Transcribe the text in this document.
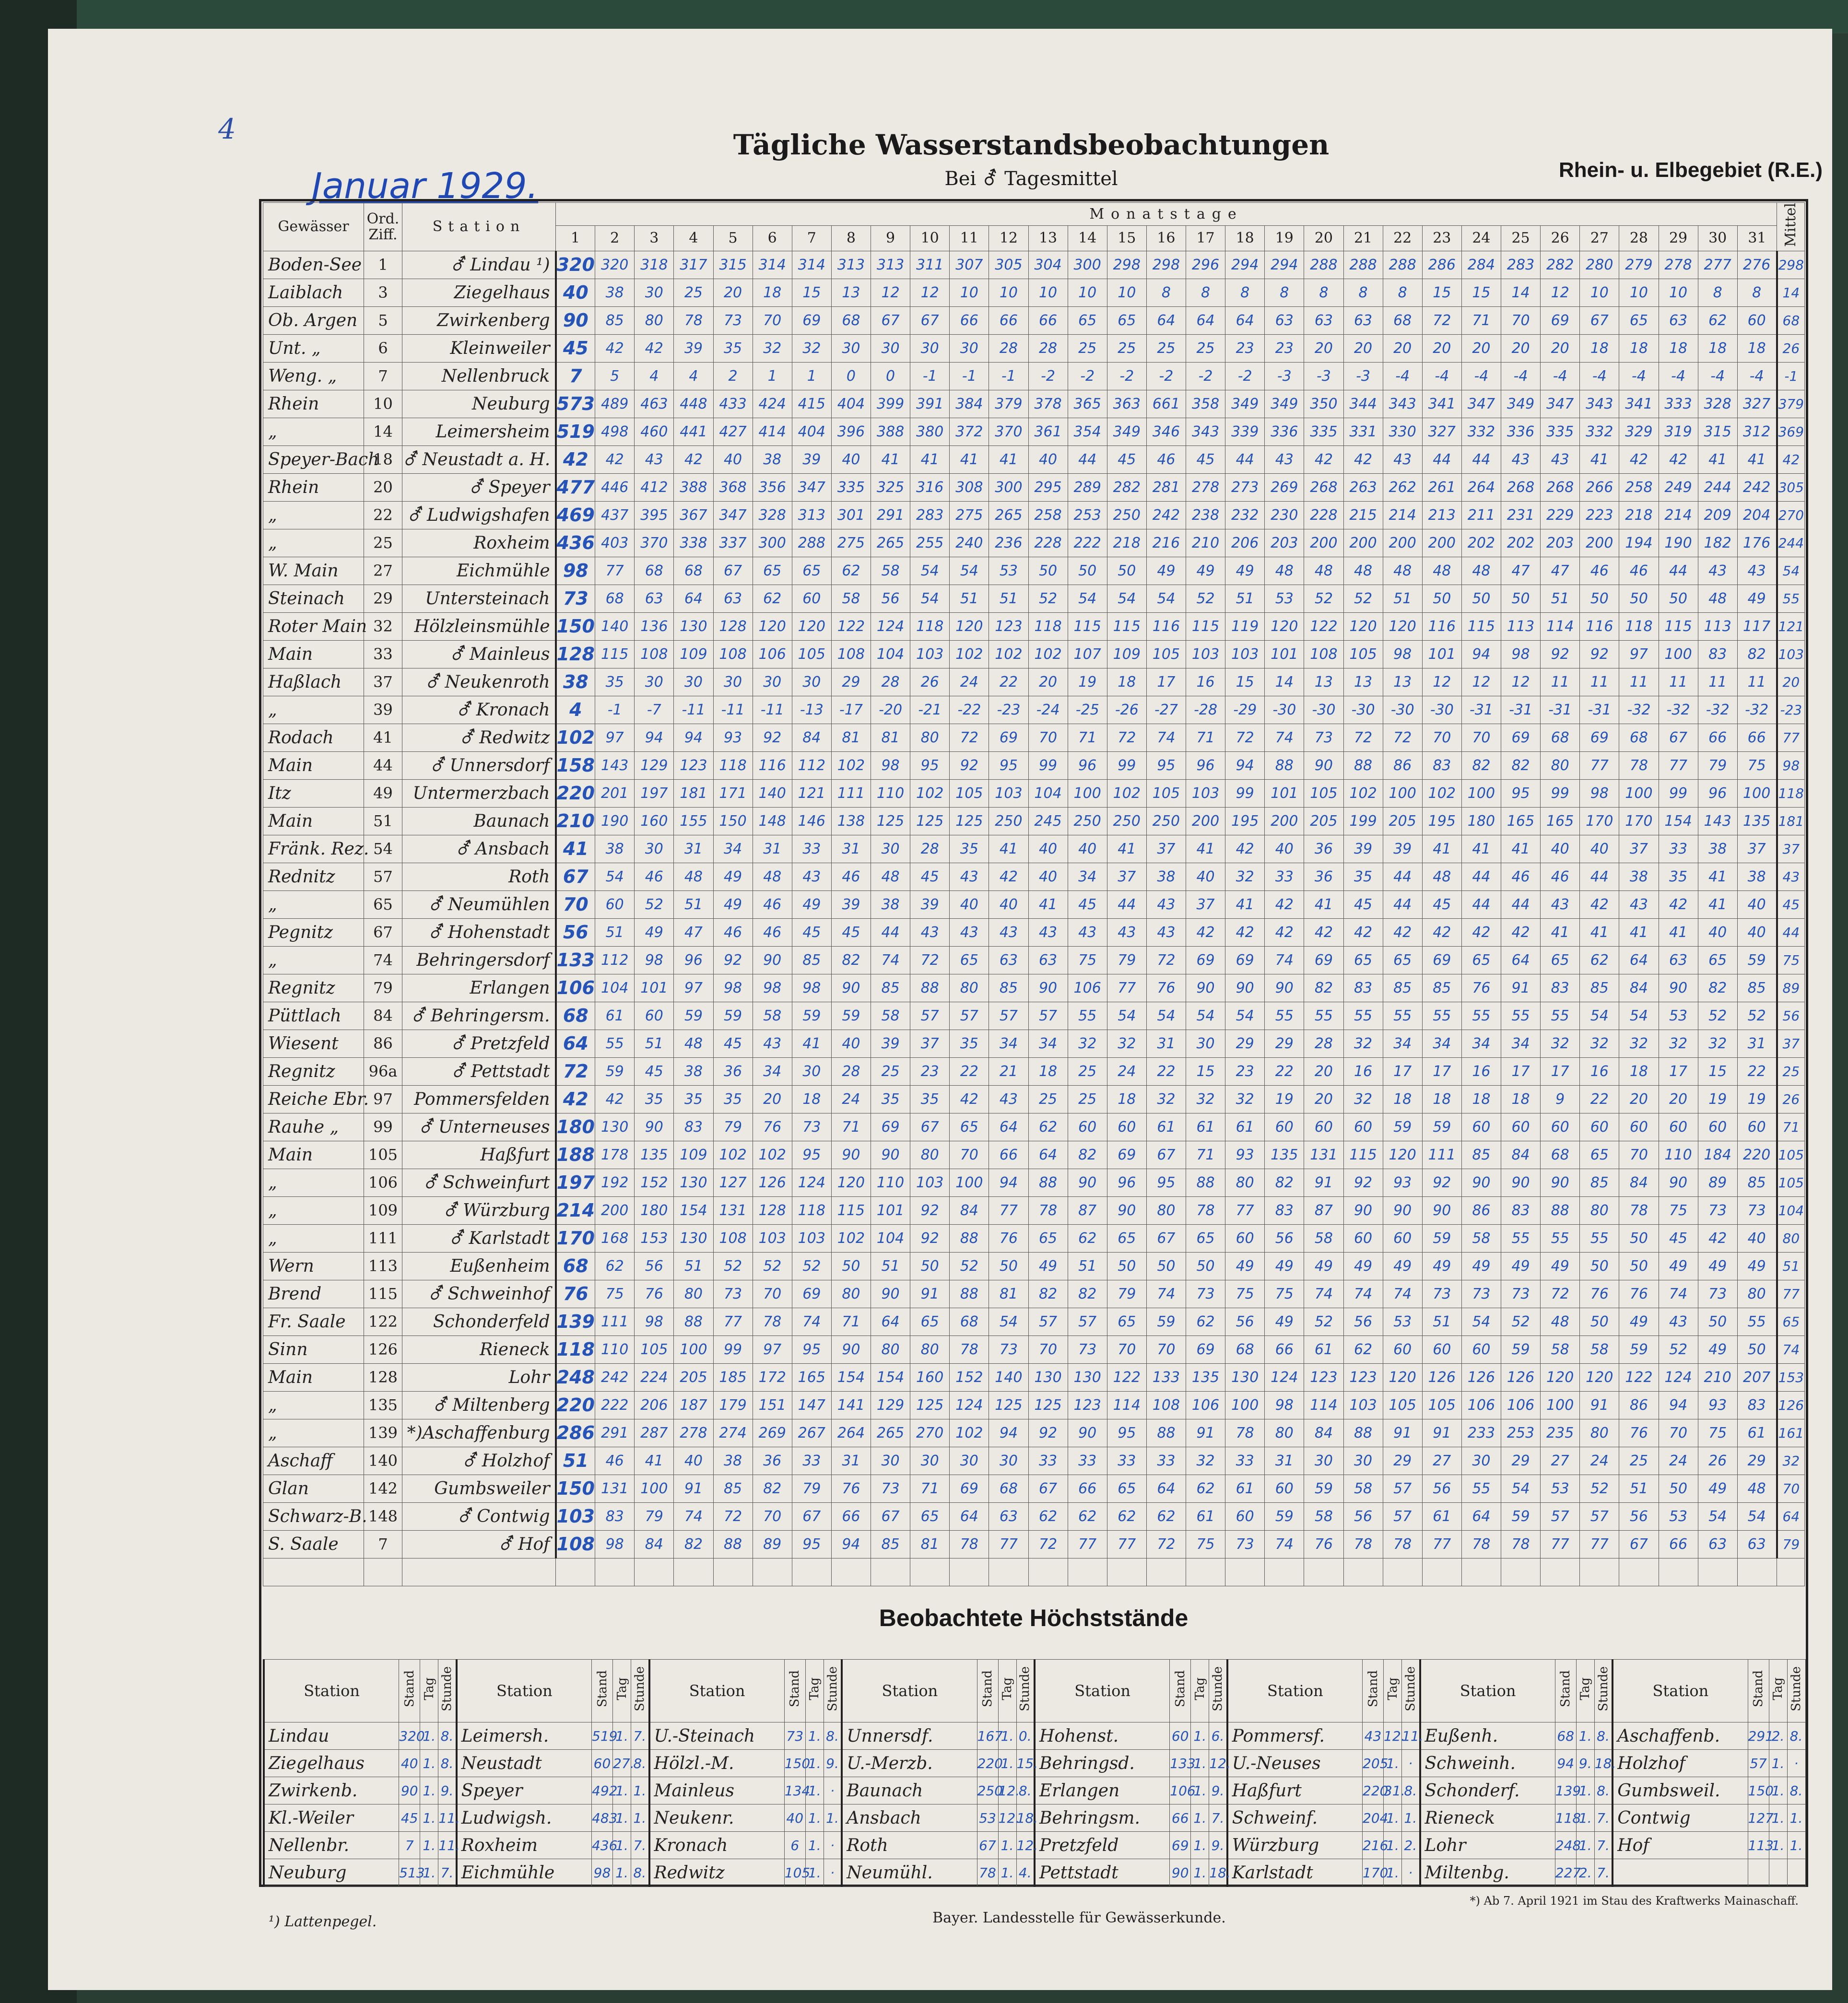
4
Januar 1929.
Tägliche Wasserstandsbeobachtungen
Bei ⚦ Tagesmittel	Rhein- u. Elbegebiet (R.E.)
Gewässer	Ord. Ziff.	Station	Monatstage																															Mittel
			1	2	3	4	5	6	7	8	9	10	11	12	13	14	15	16	17	18	19	20	21	22	23	24	25	26	27	28	29	30	31	
Boden-See	1	⚦ Lindau ¹)	320	320	318	317	315	314	314	313	313	311	307	305	304	300	298	298	296	294	294	288	288	288	286	284	283	282	280	279	278	277	276	298
Laiblach	3	Ziegelhaus	40	38	30	25	20	18	15	13	12	12	10	10	10	10	10	8	8	8	8	8	8	8	15	15	14	12	10	10	10	8	8	14
Ob. Argen	5	Zwirkenberg	90	85	80	78	73	70	69	68	67	67	66	66	66	65	65	64	64	64	63	63	63	68	72	71	70	69	67	65	63	62	60	68
Unt. „	6	Kleinweiler	45	42	42	39	35	32	32	30	30	30	30	28	28	25	25	25	25	23	23	20	20	20	20	20	20	20	18	18	18	18	18	26
Weng. „	7	Nellenbruck	7	5	4	4	2	1	1	0	0	-1	-1	-1	-2	-2	-2	-2	-2	-2	-3	-3	-3	-4	-4	-4	-4	-4	-4	-4	-4	-4	-4	-1
Rhein	10	Neuburg	573	489	463	448	433	424	415	404	399	391	384	379	378	365	363	661	358	349	349	350	344	343	341	347	349	347	343	341	333	328	327	379
„	14	Leimersheim	519	498	460	441	427	414	404	396	388	380	372	370	361	354	349	346	343	339	336	335	331	330	327	332	336	335	332	329	319	315	312	369
Speyer-Bach	18	⚦ Neustadt a. H.	42	42	43	42	40	38	39	40	41	41	41	41	40	44	45	46	45	44	43	42	42	43	44	44	43	43	41	42	42	41	41	42
Rhein	20	⚦ Speyer	477	446	412	388	368	356	347	335	325	316	308	300	295	289	282	281	278	273	269	268	263	262	261	264	268	268	266	258	249	244	242	305
„	22	⚦ Ludwigshafen	469	437	395	367	347	328	313	301	291	283	275	265	258	253	250	242	238	232	230	228	215	214	213	211	231	229	223	218	214	209	204	270
„	25	Roxheim	436	403	370	338	337	300	288	275	265	255	240	236	228	222	218	216	210	206	203	200	200	200	200	202	202	203	200	194	190	182	176	244
W. Main	27	Eichmühle	98	77	68	68	67	65	65	62	58	54	54	53	50	50	50	49	49	49	48	48	48	48	48	48	47	47	46	46	44	43	43	54
Steinach	29	Untersteinach	73	68	63	64	63	62	60	58	56	54	51	51	52	54	54	54	52	51	53	52	52	51	50	50	50	51	50	50	50	48	49	55
Roter Main	32	Hölzleinsmühle	150	140	136	130	128	120	120	122	124	118	120	123	118	115	115	116	115	119	120	122	120	120	116	115	113	114	116	118	115	113	117	121
Main	33	⚦ Mainleus	128	115	108	109	108	106	105	108	104	103	102	102	102	107	109	105	103	103	101	108	105	98	101	94	98	92	92	97	100	83	82	103
Haßlach	37	⚦ Neukenroth	38	35	30	30	30	30	30	29	28	26	24	22	20	19	18	17	16	15	14	13	13	13	12	12	12	11	11	11	11	11	11	20
„	39	⚦ Kronach	4	-1	-7	-11	-11	-11	-13	-17	-20	-21	-22	-23	-24	-25	-26	-27	-28	-29	-30	-30	-30	-30	-30	-31	-31	-31	-31	-32	-32	-32	-32	-23
Rodach	41	⚦ Redwitz	102	97	94	94	93	92	84	81	81	80	72	69	70	71	72	74	71	72	74	73	72	72	70	70	69	68	69	68	67	66	66	77
Main	44	⚦ Unnersdorf	158	143	129	123	118	116	112	102	98	95	92	95	99	96	99	95	96	94	88	90	88	86	83	82	82	80	77	78	77	79	75	98
Itz	49	Untermerzbach	220	201	197	181	171	140	121	111	110	102	105	103	104	100	102	105	103	99	101	105	102	100	102	100	95	99	98	100	99	96	100	118
Main	51	Baunach	210	190	160	155	150	148	146	138	125	125	125	250	245	250	250	250	200	195	200	205	199	205	195	180	165	165	170	170	154	143	135	181
Fränk. Rez.	54	⚦ Ansbach	41	38	30	31	34	31	33	31	30	28	35	41	40	40	41	37	41	42	40	36	39	39	41	41	41	40	40	37	33	38	37	37
Rednitz	57	Roth	67	54	46	48	49	48	43	46	48	45	43	42	40	34	37	38	40	32	33	36	35	44	48	44	46	46	44	38	35	41	38	43
„	65	⚦ Neumühlen	70	60	52	51	49	46	49	39	38	39	40	40	41	45	44	43	37	41	42	41	45	44	45	44	44	43	42	43	42	41	40	45
Pegnitz	67	⚦ Hohenstadt	56	51	49	47	46	46	45	45	44	43	43	43	43	43	43	43	42	42	42	42	42	42	42	42	42	41	41	41	41	40	40	44
„	74	Behringersdorf	133	112	98	96	92	90	85	82	74	72	65	63	63	75	79	72	69	69	74	69	65	65	69	65	64	65	62	64	63	65	59	75
Regnitz	79	Erlangen	106	104	101	97	98	98	98	90	85	88	80	85	90	106	77	76	90	90	90	82	83	85	85	76	91	83	85	84	90	82	85	89
Püttlach	84	⚦ Behringersm.	68	61	60	59	59	58	59	59	58	57	57	57	57	55	54	54	54	54	55	55	55	55	55	55	55	55	54	54	53	52	52	56
Wiesent	86	⚦ Pretzfeld	64	55	51	48	45	43	41	40	39	37	35	34	34	32	32	31	30	29	29	28	32	34	34	34	34	32	32	32	32	32	31	37
Regnitz	96a	⚦ Pettstadt	72	59	45	38	36	34	30	28	25	23	22	21	18	25	24	22	15	23	22	20	16	17	17	16	17	17	16	18	17	15	22	25
Reiche Ebr.	97	Pommersfelden	42	42	35	35	35	20	18	24	35	35	42	43	25	25	18	32	32	32	19	20	32	18	18	18	18	9	22	20	20	19	19	26
Rauhe „	99	⚦ Unterneuses	180	130	90	83	79	76	73	71	69	67	65	64	62	60	60	61	61	61	60	60	60	59	59	60	60	60	60	60	60	60	60	71
Main	105	Haßfurt	188	178	135	109	102	102	95	90	90	80	70	66	64	82	69	67	71	93	135	131	115	120	111	85	84	68	65	70	110	184	220	105
„	106	⚦ Schweinfurt	197	192	152	130	127	126	124	120	110	103	100	94	88	90	96	95	88	80	82	91	92	93	92	90	90	90	85	84	90	89	85	105
„	109	⚦ Würzburg	214	200	180	154	131	128	118	115	101	92	84	77	78	87	90	80	78	77	83	87	90	90	90	86	83	88	80	78	75	73	73	104
„	111	⚦ Karlstadt	170	168	153	130	108	103	103	102	104	92	88	76	65	62	65	67	65	60	56	58	60	60	59	58	55	55	55	50	45	42	40	80
Wern	113	Eußenheim	68	62	56	51	52	52	52	50	51	50	52	50	49	51	50	50	50	49	49	49	49	49	49	49	49	49	50	50	49	49	49	51
Brend	115	⚦ Schweinhof	76	75	76	80	73	70	69	80	90	91	88	81	82	82	79	74	73	75	75	74	74	74	73	73	73	72	76	76	74	73	80	77
Fr. Saale	122	Schonderfeld	139	111	98	88	77	78	74	71	64	65	68	54	57	57	65	59	62	56	49	52	56	53	51	54	52	48	50	49	43	50	55	65
Sinn	126	Rieneck	118	110	105	100	99	97	95	90	80	80	78	73	70	73	70	70	69	68	66	61	62	60	60	60	59	58	58	59	52	49	50	74
Main	128	Lohr	248	242	224	205	185	172	165	154	154	160	152	140	130	130	122	133	135	130	124	123	123	120	126	126	126	120	120	122	124	210	207	153
„	135	⚦ Miltenberg	220	222	206	187	179	151	147	141	129	125	124	125	125	123	114	108	106	100	98	114	103	105	105	106	106	100	91	86	94	93	83	126
„	139	*)Aschaffenburg	286	291	287	278	274	269	267	264	265	270	102	94	92	90	95	88	91	78	80	84	88	91	91	233	253	235	80	76	70	75	61	161
Aschaff	140	⚦ Holzhof	51	46	41	40	38	36	33	31	30	30	30	30	33	33	33	33	32	33	31	30	30	29	27	30	29	27	24	25	24	26	29	32
Glan	142	Gumbsweiler	150	131	100	91	85	82	79	76	73	71	69	68	67	66	65	64	62	61	60	59	58	57	56	55	54	53	52	51	50	49	48	70
Schwarz-B.	148	⚦ Contwig	103	83	79	74	72	70	67	66	67	65	64	63	62	62	62	62	61	60	59	58	56	57	61	64	59	57	57	56	53	54	54	64
S. Saale	7	⚦ Hof	108	98	84	82	88	89	95	94	85	81	78	77	72	77	77	72	75	73	74	76	78	78	77	78	78	77	77	67	66	63	63	79

Beobachtete Höchststände
Station	Stand	Tag	Stunde	Station	Stand	Tag	Stunde	Station	Stand	Tag	Stunde	Station	Stand	Tag	Stunde	Station	Stand	Tag	Stunde	Station	Stand	Tag	Stunde	Station	Stand	Tag	Stunde	Station	Stand	Tag	Stunde
Lindau	320	1.	8.	Leimersh.	519	1.	7.	U.-Steinach	73	1.	8.	Unnersdf.	167	1.	0.	Hohenst.	60	1.	6.	Pommersf.	43	12.	11.	Eußenh.	68	1.	8.	Aschaffenb.	291	2.	8.
Ziegelhaus	40	1.	8.	Neustadt	60	27.	8.	Hölzl.-M.	150	1.	9.	U.-Merzb.	220	1.	15.	Behringsd.	133	1.	12.	U.-Neuses	205	1.	·	Schweinh.	94	9.	18.	Holzhof	57	1.	·
Zwirkenb.	90	1.	9.	Speyer	492	1.	1.	Mainleus	134	1.	·	Baunach	250	12.	8.	Erlangen	106	1.	9.	Haßfurt	220	31.	8.	Schonderf.	139	1.	8.	Gumbsweil.	150	1.	8.
Kl.-Weiler	45	1.	11.	Ludwigsh.	483	1.	1.	Neukenr.	40	1.	1.	Ansbach	53	12.	18.	Behringsm.	66	1.	7.	Schweinf.	204	1.	1.	Rieneck	118	1.	7.	Contwig	127	1.	1.
Nellenbr.	7	1.	11.	Roxheim	436	1.	7.	Kronach	6	1.	·	Roth	67	1.	12.	Pretzfeld	69	1.	9.	Würzburg	216	1.	2.	Lohr	248	1.	7.	Hof	113	1.	1.
Neuburg	513	1.	7.	Eichmühle	98	1.	8.	Redwitz	105	1.	·	Neumühl.	78	1.	4.	Pettstadt	90	1.	18.	Karlstadt	170	1.	·	Miltenbg.	227	2.	7.				
¹) Lattenpegel.	Bayer. Landesstelle für Gewässerkunde.
*) Ab 7. April 1921 im Stau des Kraftwerks Mainaschaff.
